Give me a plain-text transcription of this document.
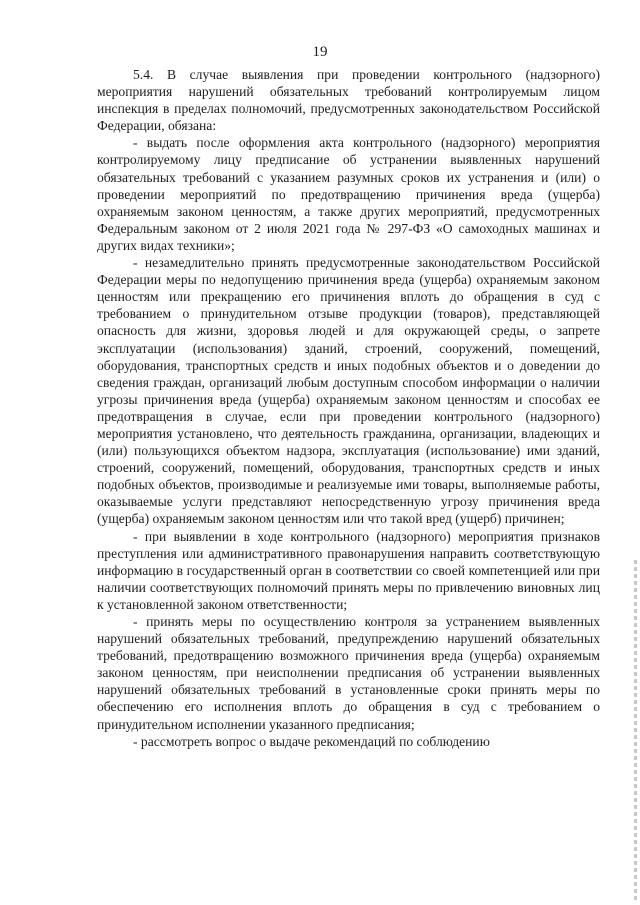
19

5.4. В случае выявления при проведении контрольного (надзорного) мероприятия нарушений обязательных требований контролируемым лицом инспекция в пределах полномочий, предусмотренных законодательством Российской Федерации, обязана:

- выдать после оформления акта контрольного (надзорного) мероприятия контролируемому лицу предписание об устранении выявленных нарушений обязательных требований с указанием разумных сроков их устранения и (или) о проведении мероприятий по предотвращению причинения вреда (ущерба) охраняемым законом ценностям, а также других мероприятий, предусмотренных Федеральным законом от 2 июля 2021 года № 297-ФЗ «О самоходных машинах и других видах техники»;

- незамедлительно принять предусмотренные законодательством Российской Федерации меры по недопущению причинения вреда (ущерба) охраняемым законом ценностям или прекращению его причинения вплоть до обращения в суд с требованием о принудительном отзыве продукции (товаров), представляющей опасность для жизни, здоровья людей и для окружающей среды, о запрете эксплуатации (использования) зданий, строений, сооружений, помещений, оборудования, транспортных средств и иных подобных объектов и о доведении до сведения граждан, организаций любым доступным способом информации о наличии угрозы причинения вреда (ущерба) охраняемым законом ценностям и способах ее предотвращения в случае, если при проведении контрольного (надзорного) мероприятия установлено, что деятельность гражданина, организации, владеющих и (или) пользующихся объектом надзора, эксплуатация (использование) ими зданий, строений, сооружений, помещений, оборудования, транспортных средств и иных подобных объектов, производимые и реализуемые ими товары, выполняемые работы, оказываемые услуги представляют непосредственную угрозу причинения вреда (ущерба) охраняемым законом ценностям или что такой вред (ущерб) причинен;

- при выявлении в ходе контрольного (надзорного) мероприятия признаков преступления или административного правонарушения направить соответствующую информацию в государственный орган в соответствии со своей компетенцией или при наличии соответствующих полномочий принять меры по привлечению виновных лиц к установленной законом ответственности;

- принять меры по осуществлению контроля за устранением выявленных нарушений обязательных требований, предупреждению нарушений обязательных требований, предотвращению возможного причинения вреда (ущерба) охраняемым законом ценностям, при неисполнении предписания об устранении выявленных нарушений обязательных требований в установленные сроки принять меры по обеспечению его исполнения вплоть до обращения в суд с требованием о принудительном исполнении указанного предписания;

- рассмотреть вопрос о выдаче рекомендаций по соблюдению
